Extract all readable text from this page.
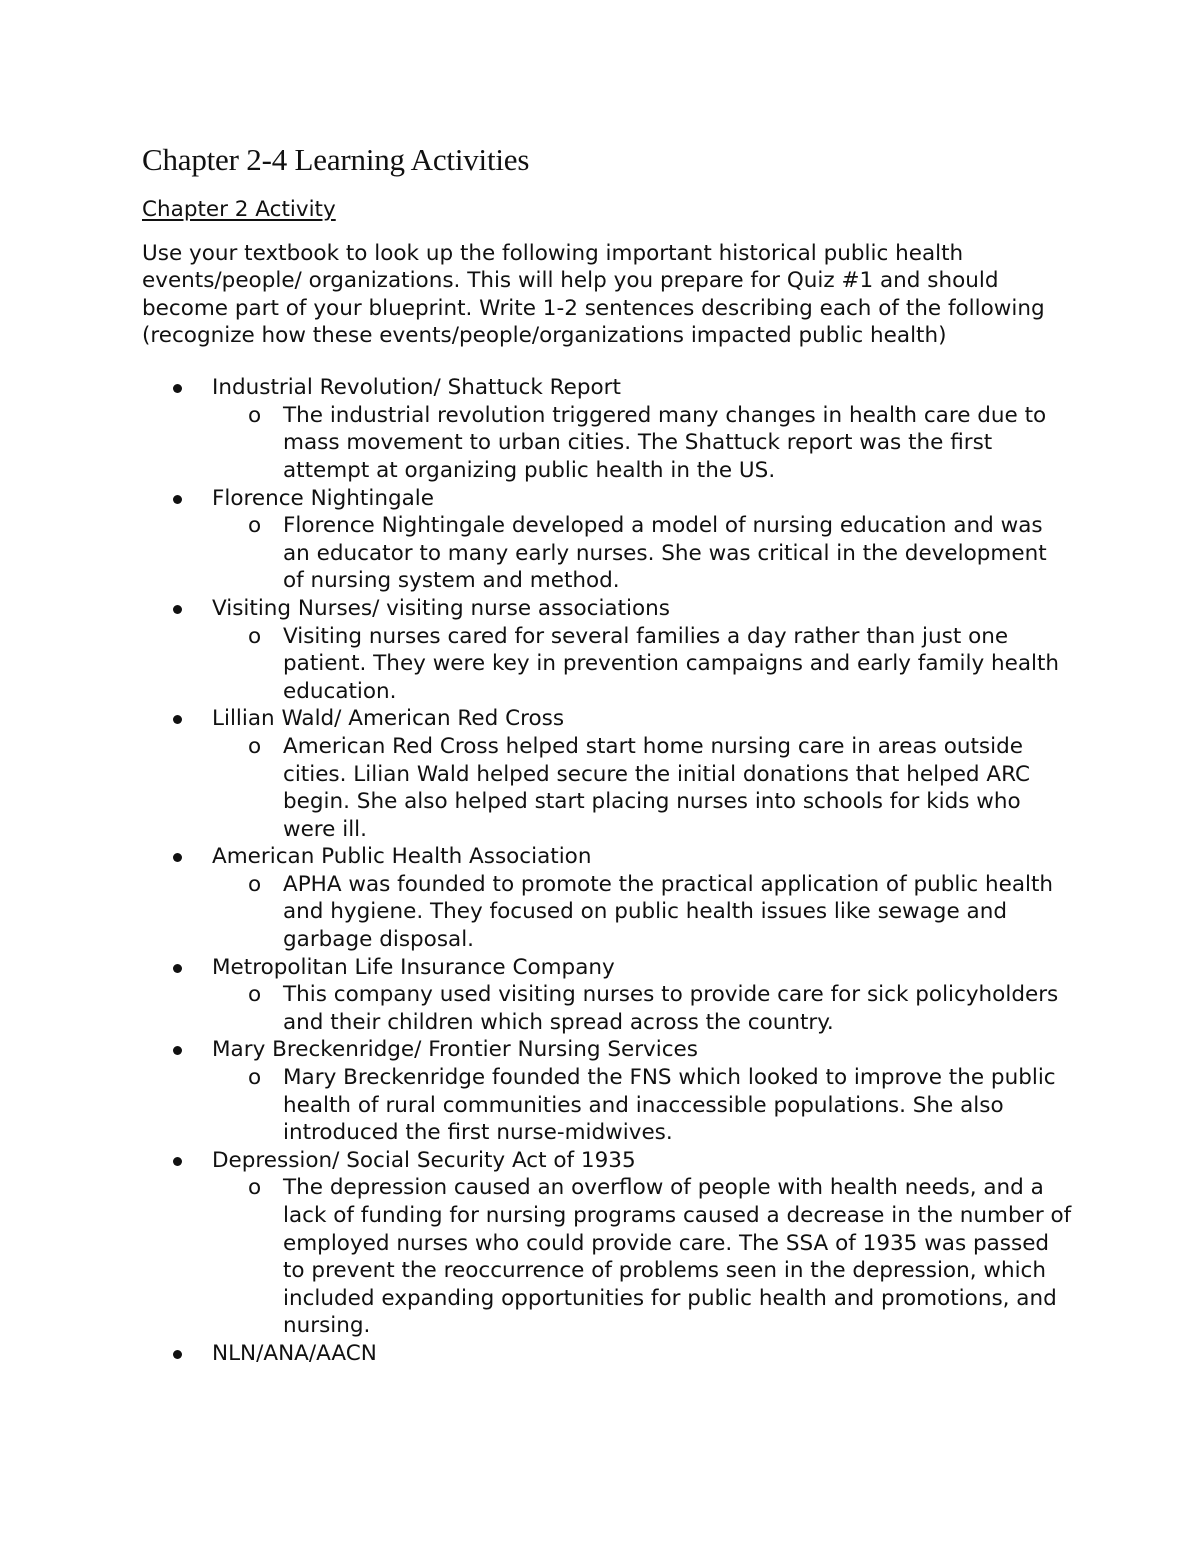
Chapter 2-4 Learning Activities
Chapter 2 Activity

Use your textbook to look up the following important historical public health events/people/ organizations. This will help you prepare for Quiz #1 and should become part of your blueprint. Write 1-2 sentences describing each of the following (recognize how these events/people/organizations impacted public health)

Industrial Revolution/ Shattuck Report
o The industrial revolution triggered many changes in health care due to mass movement to urban cities. The Shattuck report was the first attempt at organizing public health in the US.
Florence Nightingale
o Florence Nightingale developed a model of nursing education and was an educator to many early nurses. She was critical in the development of nursing system and method.
Visiting Nurses/ visiting nurse associations
o Visiting nurses cared for several families a day rather than just one patient. They were key in prevention campaigns and early family health education.
Lillian Wald/ American Red Cross
o American Red Cross helped start home nursing care in areas outside cities. Lilian Wald helped secure the initial donations that helped ARC begin. She also helped start placing nurses into schools for kids who were ill.
American Public Health Association
o APHA was founded to promote the practical application of public health and hygiene. They focused on public health issues like sewage and garbage disposal.
Metropolitan Life Insurance Company
o This company used visiting nurses to provide care for sick policyholders and their children which spread across the country.
Mary Breckenridge/ Frontier Nursing Services
o Mary Breckenridge founded the FNS which looked to improve the public health of rural communities and inaccessible populations. She also introduced the first nurse-midwives.
Depression/ Social Security Act of 1935
o The depression caused an overflow of people with health needs, and a lack of funding for nursing programs caused a decrease in the number of employed nurses who could provide care. The SSA of 1935 was passed to prevent the reoccurrence of problems seen in the depression, which included expanding opportunities for public health and promotions, and nursing.
NLN/ANA/AACN
